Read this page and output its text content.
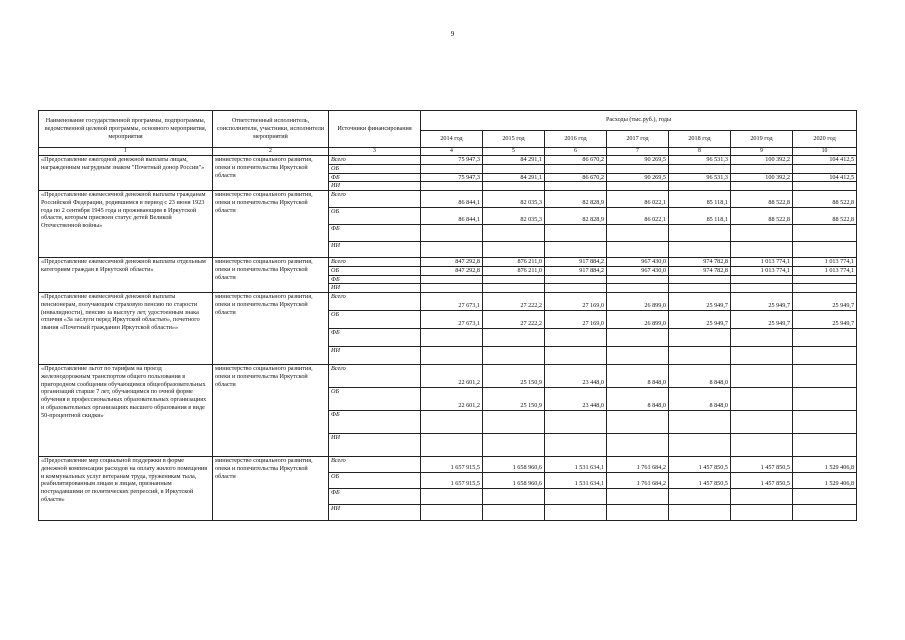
9
Наименование государственной программы, подпрограммы, ведомственной целевой программы, основного мероприятия, мероприятия	Ответственный исполнитель, соисполнители, участники, исполнители мероприятий	Источники финансирования	Расходы (тыс.руб.), годы						
			2014 год	2015 год	2016 год	2017 год	2018 год	2019 год	2020 год
1	2	3	4	5	6	7	8	9	10
«Предоставление ежегодной денежной выплаты лицам, награжденным нагрудным знаком "Почетный донор России"»	министерство социального развития, опеки и попечительства Иркутской области	Всего	75 947,3	84 291,1	86 670,2	90 269,5	96 531,3	100 392,2	104 412,5
		ОБ							
		ФБ	75 947,3	84 291,1	86 670,2	90 269,5	96 531,3	100 392,2	104 412,5
		ИИ							
«Предоставление ежемесячной денежной выплаты гражданам Российской Федерации, родившимся в период с 23 июня 1923 года по 2 сентября 1945 года и проживающим в Иркутской области, которым присвоен статус детей Великой Отечественной войны»	министерство социального развития, опеки и попечительства Иркутской области	Всего	86 844,1	82 035,3	82 828,9	86 022,1	85 118,1	88 522,8	88 522,8
		ОБ	86 844,1	82 035,3	82 828,9	86 022,1	85 118,1	88 522,8	88 522,8
		ФБ							
		ИИ							
«Предоставление ежемесячной денежной выплаты отдельным категориям граждан в Иркутской области»	министерство социального развития, опеки и попечительства Иркутской области	Всего	847 292,8	876 211,0	917 884,2	967 430,0	974 782,8	1 013 774,1	1 013 774,1
		ОБ	847 292,8	876 211,0	917 884,2	967 430,0	974 782,8	1 013 774,1	1 013 774,1
		ФБ							
		ИИ							
«Предоставление ежемесячной денежной выплаты пенсионерам, получающим страховую пенсию по старости (инвалидности), пенсию за выслугу лет, удостоенным знака отличия «За заслуги перед Иркутской областью», почетного звания «Почетный гражданин Иркутской области»»	министерство социального развития, опеки и попечительства Иркутской области	Всего	27 673,1	27 222,2	27 169,0	26 899,0	25 949,7	25 949,7	25 949,7
		ОБ	27 673,1	27 222,2	27 169,0	26 899,0	25 949,7	25 949,7	25 949,7
		ФБ							
		ИИ							
«Предоставление льгот по тарифам на проезд железнодорожным транспортом общего пользования в пригородном сообщении обучающимся общеобразовательных организаций старше 7 лет, обучающимся по очной форме обучения в профессиональных образовательных организациях и образовательных организациях высшего образования в виде 50-процентной скидки»	министерство социального развития, опеки и попечительства Иркутской области	Всего	22 601,2	25 150,9	23 448,0	8 848,0	8 848,0		
		ОБ	22 601,2	25 150,9	23 448,0	8 848,0	8 848,0		
		ФБ							
		ИИ							
«Предоставление мер социальной поддержки в форме денежной компенсации расходов на оплату жилого помещения и коммунальных услуг ветеранам труда, труженикам тыла, реабилитированным лицам и лицам, признанным пострадавшими от политических репрессий, в Иркутской области»	министерство социального развития, опеки и попечительства Иркутской области	Всего	1 657 915,5	1 658 960,6	1 531 634,1	1 761 684,2	1 457 850,5	1 457 850,5	1 529 406,8
		ОБ	1 657 915,5	1 658 960,6	1 531 634,1	1 761 684,2	1 457 850,5	1 457 850,5	1 529 406,8
		ФБ							
		ИИ							
